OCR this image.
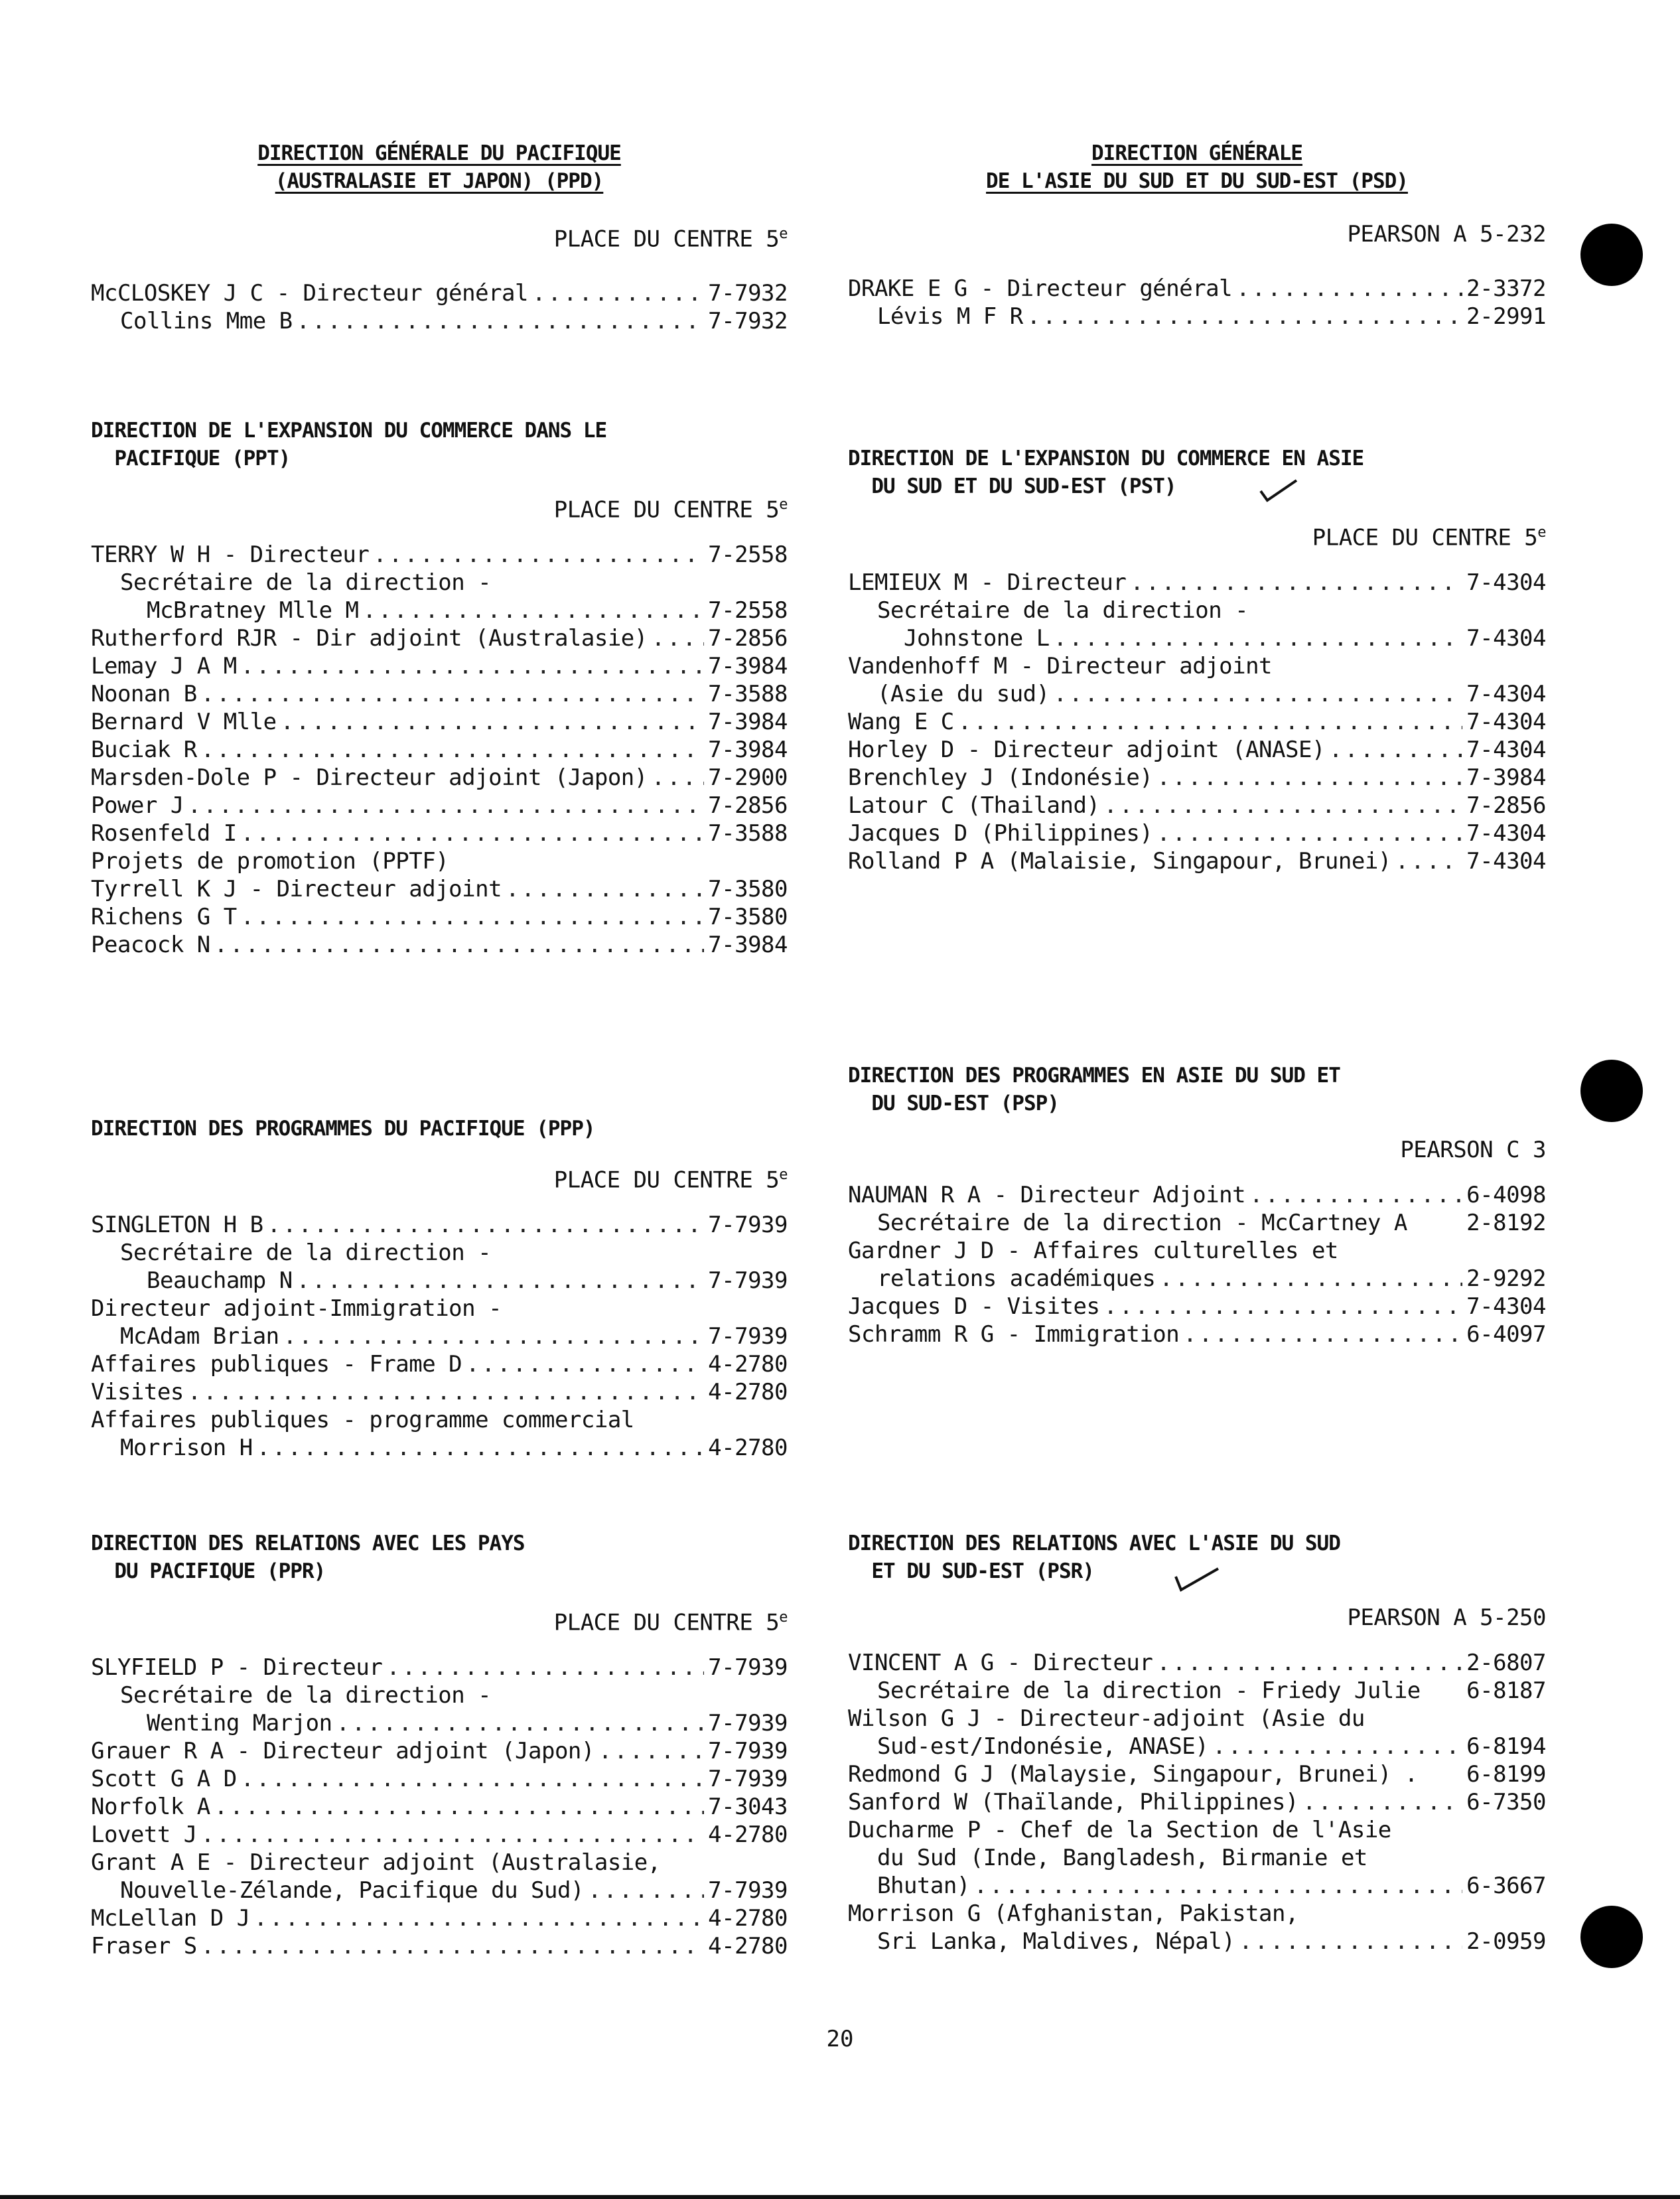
DIRECTION GÉNÉRALE DU PACIFIQUE
(AUSTRALASIE ET JAPON) (PPD)
PLACE DU CENTRE 5e
McCLOSKEY J C - Directeur général .....	7-7932
Collins Mme B .....	7-7932
DIRECTION DE L'EXPANSION DU COMMERCE DANS LE
PACIFIQUE (PPT)
PLACE DU CENTRE 5e
TERRY W H - Directeur .....	7-2558
Secrétaire de la direction -
McBratney Mlle M .....	7-2558
Rutherford RJR - Dir adjoint (Australasie) .....	7-2856
Lemay J A M .....	7-3984
Noonan B .....	7-3588
Bernard V Mlle .....	7-3984
Buciak R .....	7-3984
Marsden-Dole P - Directeur adjoint (Japon) .....	7-2900
Power J .....	7-2856
Rosenfeld I .....	7-3588
Projets de promotion (PPTF)
Tyrrell K J - Directeur adjoint .....	7-3580
Richens G T .....	7-3580
Peacock N .....	7-3984
DIRECTION DES PROGRAMMES DU PACIFIQUE (PPP)
PLACE DU CENTRE 5e
SINGLETON H B .....	7-7939
Secrétaire de la direction -
Beauchamp N .....	7-7939
Directeur adjoint-Immigration -
McAdam Brian .....	7-7939
Affaires publiques - Frame D .....	4-2780
Visites .....	4-2780
Affaires publiques - programme commercial
Morrison H .....	4-2780
DIRECTION DES RELATIONS AVEC LES PAYS
DU PACIFIQUE (PPR)
PLACE DU CENTRE 5e
SLYFIELD P - Directeur .....	7-7939
Secrétaire de la direction -
Wenting Marjon .....	7-7939
Grauer R A - Directeur adjoint (Japon) .....	7-7939
Scott G A D .....	7-7939
Norfolk A .....	7-3043
Lovett J .....	4-2780
Grant A E - Directeur adjoint (Australasie,
Nouvelle-Zélande, Pacifique du Sud) .....	7-7939
McLellan D J .....	4-2780
Fraser S .....	4-2780
DIRECTION GÉNÉRALE
DE L'ASIE DU SUD ET DU SUD-EST (PSD)
PEARSON A 5-232
DRAKE E G - Directeur général .....	2-3372
Lévis M F R .....	2-2991
DIRECTION DE L'EXPANSION DU COMMERCE EN ASIE
DU SUD ET DU SUD-EST (PST)
PLACE DU CENTRE 5e
LEMIEUX M - Directeur .....	7-4304
Secrétaire de la direction -
Johnstone L .....	7-4304
Vandenhoff M - Directeur adjoint
(Asie du sud) .....	7-4304
Wang E C .....	7-4304
Horley D - Directeur adjoint (ANASE) .....	7-4304
Brenchley J (Indonésie) .....	7-3984
Latour C (Thailand) .....	7-2856
Jacques D (Philippines) .....	7-4304
Rolland P A (Malaisie, Singapour, Brunei) .....	7-4304
DIRECTION DES PROGRAMMES EN ASIE DU SUD ET
DU SUD-EST (PSP)
PEARSON C 3
NAUMAN R A - Directeur Adjoint .....	6-4098
Secrétaire de la direction - McCartney A	2-8192
Gardner J D - Affaires culturelles et
relations académiques .....	2-9292
Jacques D - Visites .....	7-4304
Schramm R G - Immigration .....	6-4097
DIRECTION DES RELATIONS AVEC L'ASIE DU SUD
ET DU SUD-EST (PSR)
PEARSON A 5-250
VINCENT A G - Directeur .....	2-6807
Secrétaire de la direction - Friedy Julie 6-8187
Wilson G J - Directeur-adjoint (Asie du
Sud-est/Indonésie, ANASE) .....	6-8194
Redmond G J (Malaysie, Singapour, Brunei) . 6-8199
Sanford W (Thaïlande, Philippines) .....	6-7350
Ducharme P - Chef de la Section de l'Asie
du Sud (Inde, Bangladesh, Birmanie et
Bhutan) .....	6-3667
Morrison G (Afghanistan, Pakistan,
Sri Lanka, Maldives, Népal) .....	2-0959
20
